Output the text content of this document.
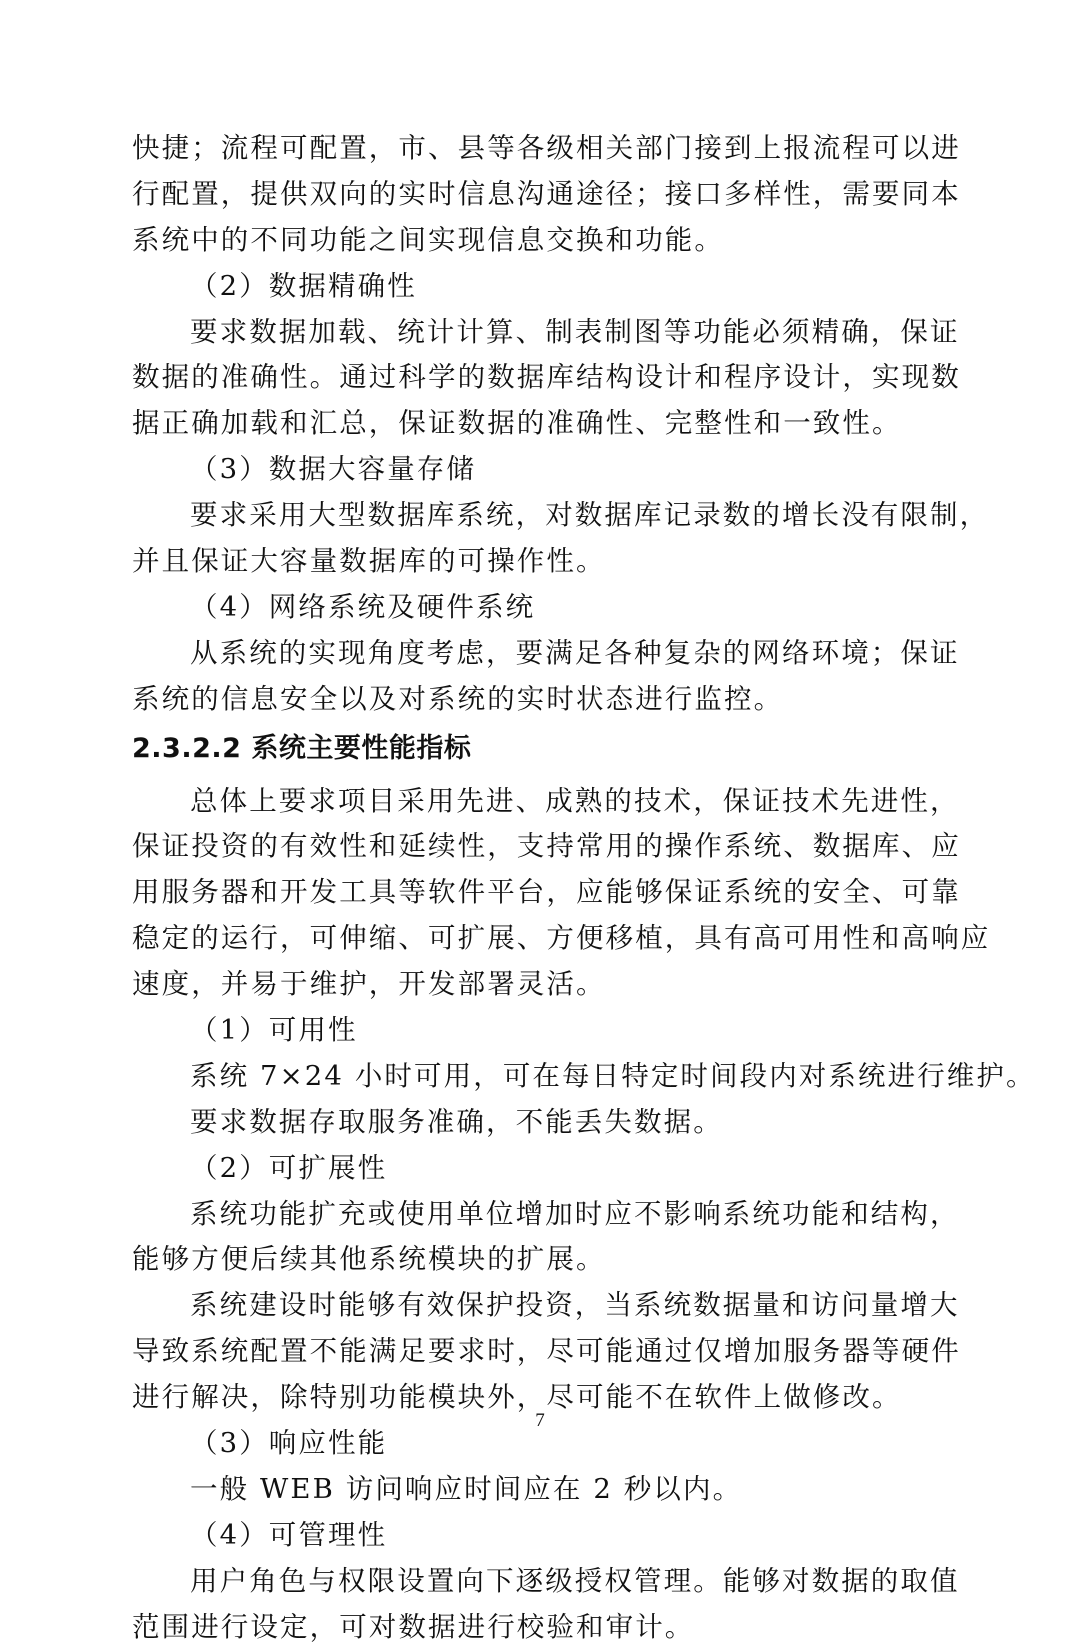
快捷；流程可配置，市、县等各级相关部门接到上报流程可以进
行配置，提供双向的实时信息沟通途径；接口多样性，需要同本
系统中的不同功能之间实现信息交换和功能。
（2）数据精确性
要求数据加载、统计计算、制表制图等功能必须精确，保证
数据的准确性。通过科学的数据库结构设计和程序设计，实现数
据正确加载和汇总，保证数据的准确性、完整性和一致性。
（3）数据大容量存储
要求采用大型数据库系统，对数据库记录数的增长没有限制，
并且保证大容量数据库的可操作性。
（4）网络系统及硬件系统
从系统的实现角度考虑，要满足各种复杂的网络环境；保证
系统的信息安全以及对系统的实时状态进行监控。
2.3.2.2 系统主要性能指标
总体上要求项目采用先进、成熟的技术，保证技术先进性，
保证投资的有效性和延续性，支持常用的操作系统、数据库、应
用服务器和开发工具等软件平台，应能够保证系统的安全、可靠
稳定的运行，可伸缩、可扩展、方便移植，具有高可用性和高响应
速度，并易于维护，开发部署灵活。
（1）可用性
系统 7×24 小时可用，可在每日特定时间段内对系统进行维护。
要求数据存取服务准确，不能丢失数据。
（2）可扩展性
系统功能扩充或使用单位增加时应不影响系统功能和结构，
能够方便后续其他系统模块的扩展。
系统建设时能够有效保护投资，当系统数据量和访问量增大
导致系统配置不能满足要求时，尽可能通过仅增加服务器等硬件
进行解决，除特别功能模块外，尽可能不在软件上做修改。
（3）响应性能
一般 WEB 访问响应时间应在 2 秒以内。
（4）可管理性
用户角色与权限设置向下逐级授权管理。能够对数据的取值
范围进行设定，可对数据进行校验和审计。
7
